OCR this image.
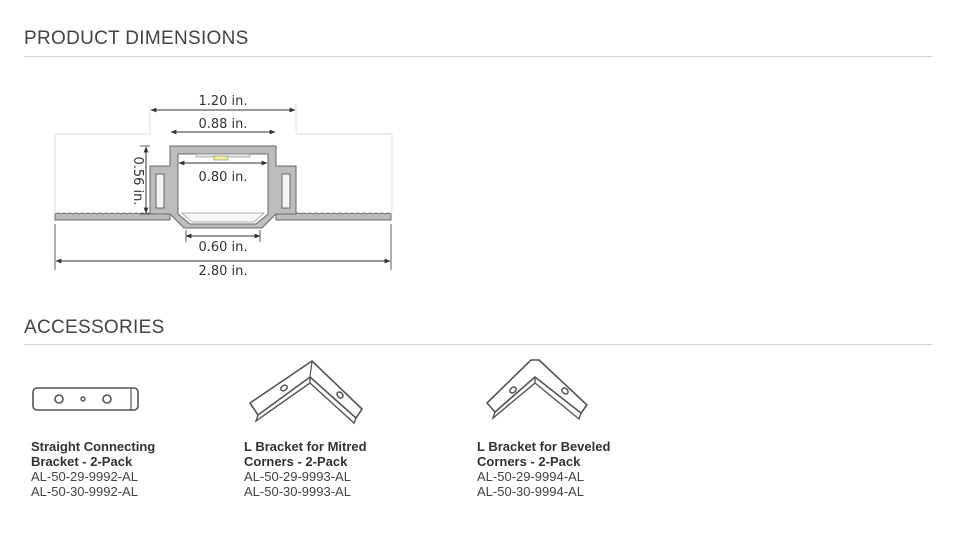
PRODUCT DIMENSIONS
1.20 in.
0.88 in.
0.80 in.
0.56 in.
0.60 in.
2.80 in.
ACCESSORIES
Straight Connecting
Bracket - 2-Pack
AL-50-29-9992-AL
AL-50-30-9992-AL
L Bracket for Mitred
Corners - 2-Pack
AL-50-29-9993-AL
AL-50-30-9993-AL
L Bracket for Beveled
Corners - 2-Pack
AL-50-29-9994-AL
AL-50-30-9994-AL
